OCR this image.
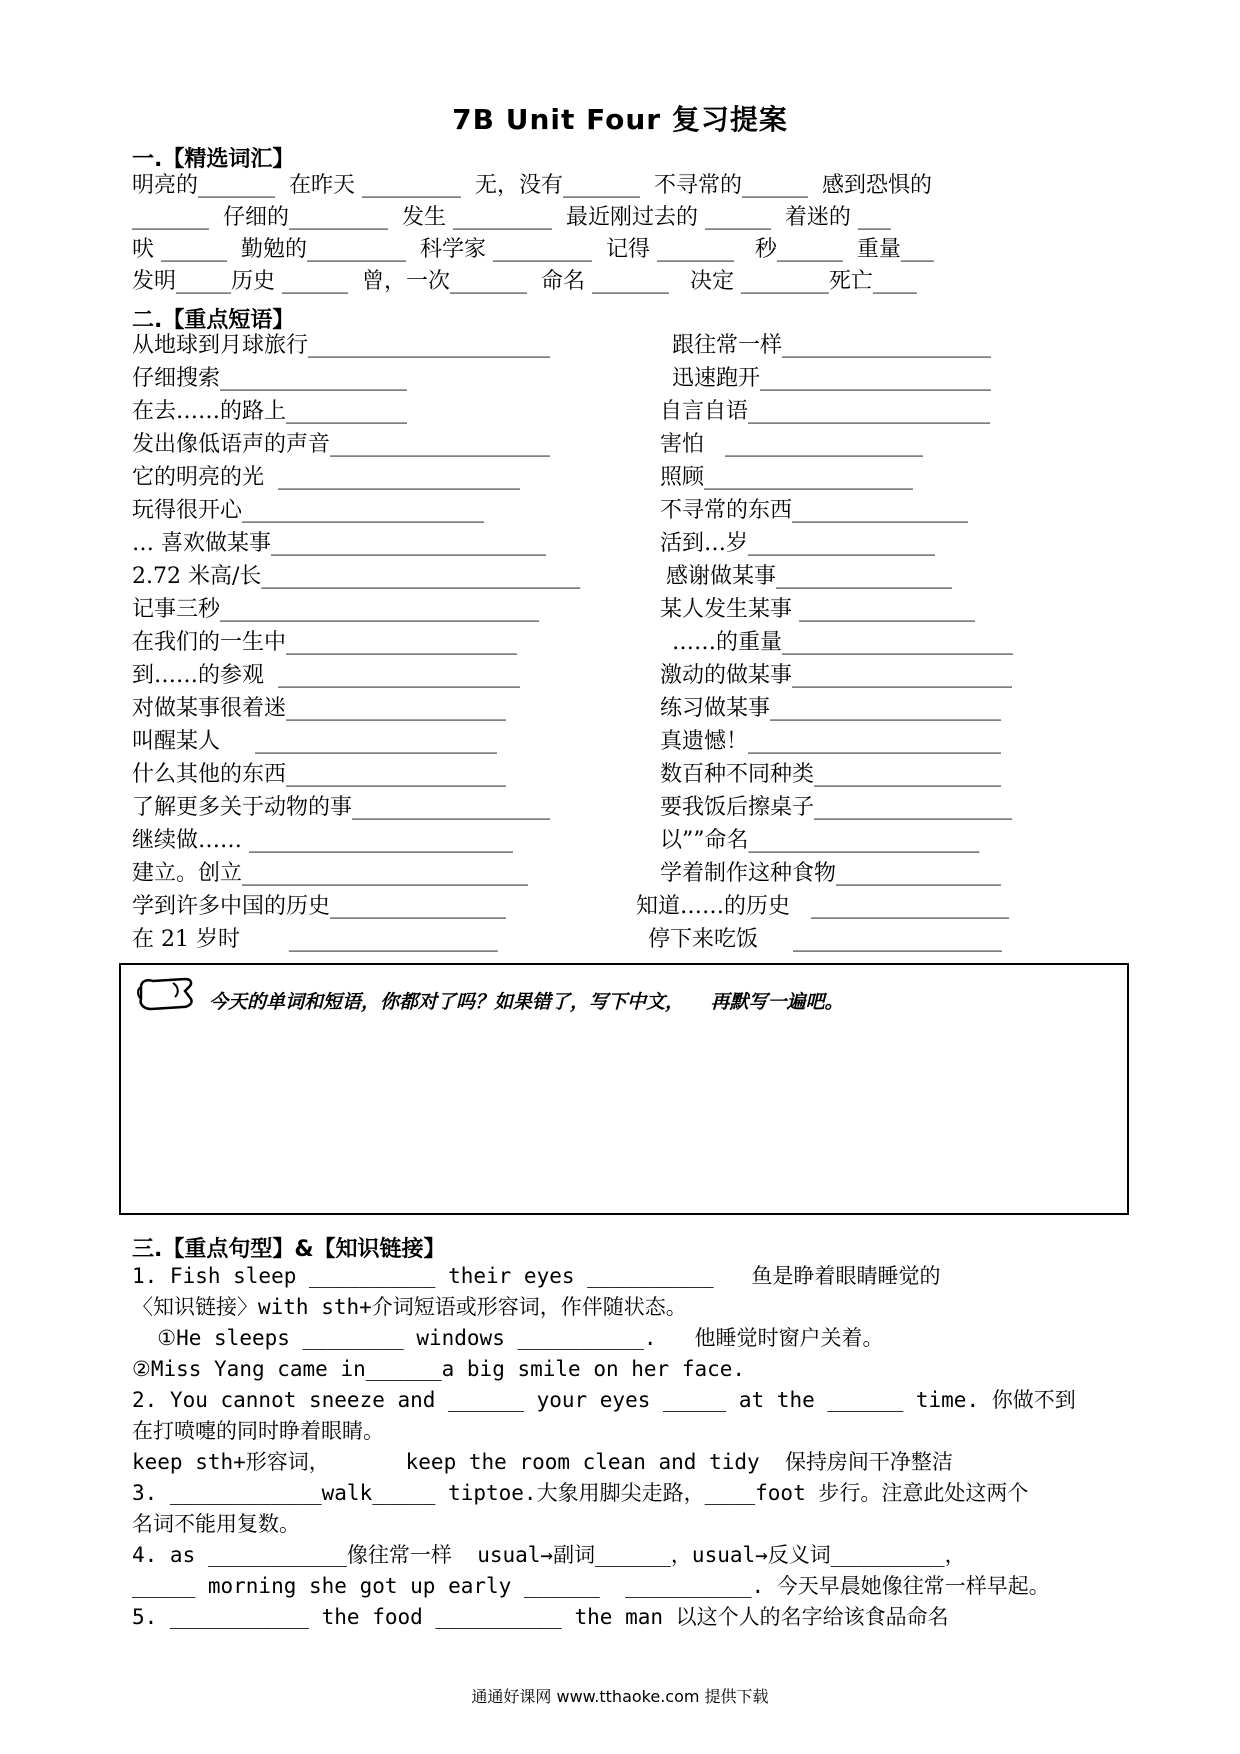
7B Unit Four 复习提案
一.【精选词汇】
明亮的_______  在昨天 _________  无，没有_______  不寻常的______  感到恐惧的
_______  仔细的_________  发生 _________  最近刚过去的 ______  着迷的 ___
吠 ______  勤勉的_________  科学家 _________  记得 _______   秒______  重量___
发明_____历史 ______  曾，一次_______  命名 _______   决定 ________死亡____
二.【重点短语】
从地球到月球旅行______________________
仔细搜索_________________
在去……的路上___________
发出像低语声的声音____________________
它的明亮的光  ______________________
玩得很开心______________________
… 喜欢做某事_________________________
2.72 米高/长_____________________________
记事三秒_____________________________
在我们的一生中_____________________
到……的参观  ______________________
对做某事很着迷____________________
叫醒某人     ______________________
什么其他的东西____________________
了解更多关于动物的事__________________
继续做…… ________________________
建立。创立__________________________
学到许多中国的历史________________
在 21 岁时       ___________________
跟往常一样___________________
迅速跑开_____________________
自言自语______________________
害怕   __________________
照顾___________________
不寻常的东西________________
活到…岁_________________
感谢做某事________________
某人发生某事 ________________
……的重量_____________________
激动的做某事____________________
练习做某事_____________________
真遗憾！_______________________
数百种不同种类_________________
要我饭后擦桌子__________________
以””命名_____________________
学着制作这种食物_______________
知道……的历史   __________________
停下来吃饭     ___________________
今天的单词和短语，你都对了吗？如果错了，写下中文，    再默写一遍吧。
三.【重点句型】&【知识链接】
1. Fish sleep __________ their eyes __________   鱼是睁着眼睛睡觉的
〈知识链接〉with sth+介词短语或形容词，作伴随状态。
①He sleeps ________ windows __________.   他睡觉时窗户关着。
②Miss Yang came in______a big smile on her face.
2. You cannot sneeze and ______ your eyes _____ at the ______ time. 你做不到
在打喷嚏的同时睁着眼睛。
keep sth+形容词，      keep the room clean and tidy  保持房间干净整洁
3. ____________walk_____ tiptoe.大象用脚尖走路，____foot 步行。注意此处这两个
名词不能用复数。
4. as ___________像往常一样  usual→副词______，usual→反义词_________，
_____ morning she got up early ______  __________. 今天早晨她像往常一样早起。
5. ___________ the food __________ the man 以这个人的名字给该食品命名
通通好课网 www.tthaoke.com 提供下载
